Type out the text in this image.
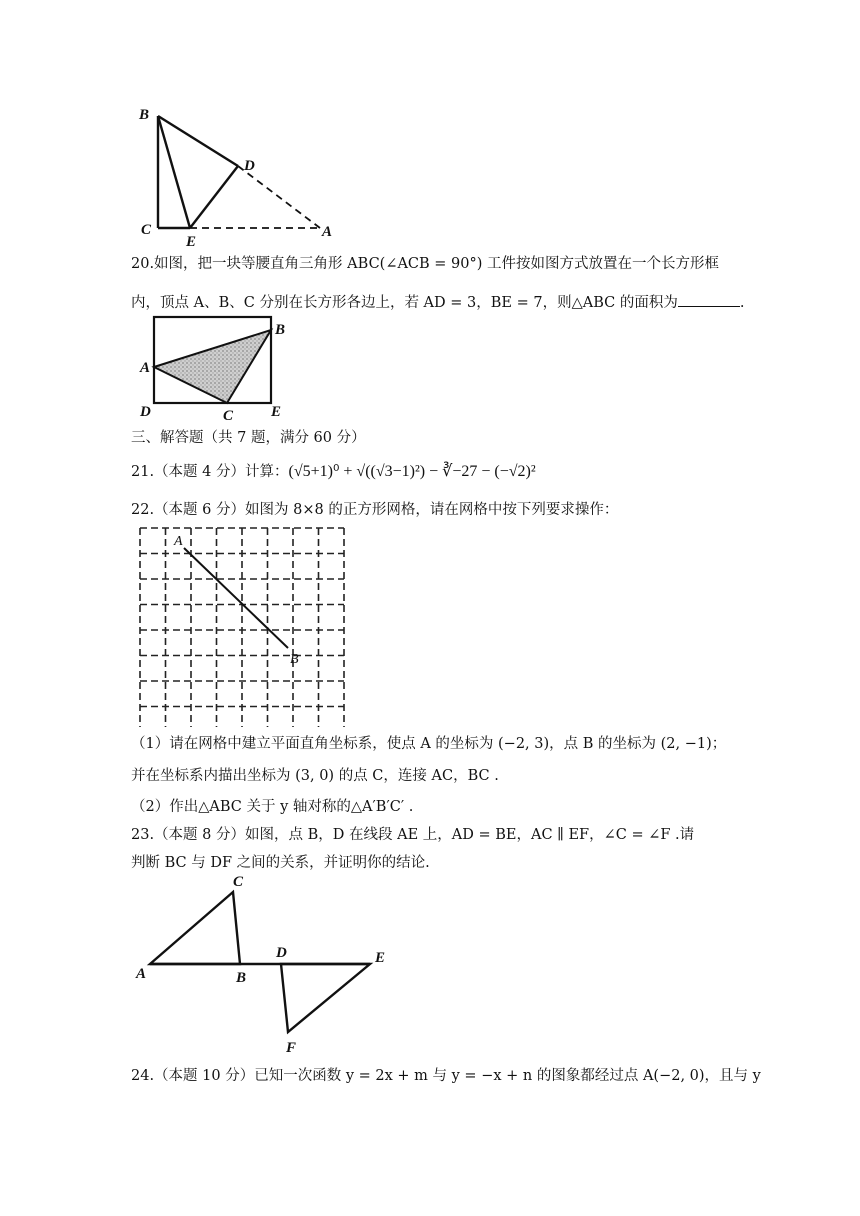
B
D
C
E
A
20.如图，把一块等腰直角三角形 ABC(∠ACB = 90°) 工件按如图方式放置在一个长方形框
内，顶点 A、B、C 分别在长方形各边上，若 AD = 3，BE = 7，则△ABC 的面积为	.
A
B
D	C	E
三、解答题（共 7 题，满分 60 分）
21.（本题 4 分）计算：(√5+1)⁰ + √((√3−1)²) − ∛−27 − (−√2)²
22.（本题 6 分）如图为 8×8 的正方形网格，请在网格中按下列要求操作：
A
B
（1）请在网格中建立平面直角坐标系，使点 A 的坐标为 (−2, 3)，点 B 的坐标为 (2, −1)；
并在坐标系内描出坐标为 (3, 0) 的点 C，连接 AC，BC .
（2）作出△ABC 关于 y 轴对称的△A′B′C′ .
23.（本题 8 分）如图，点 B，D 在线段 AE 上，AD = BE，AC ∥ EF，∠C = ∠F .请
判断 BC 与 DF 之间的关系，并证明你的结论.
C
A	B
D	E
F
24.（本题 10 分）已知一次函数 y = 2x + m 与 y = −x + n 的图象都经过点 A(−2, 0)，且与 y
